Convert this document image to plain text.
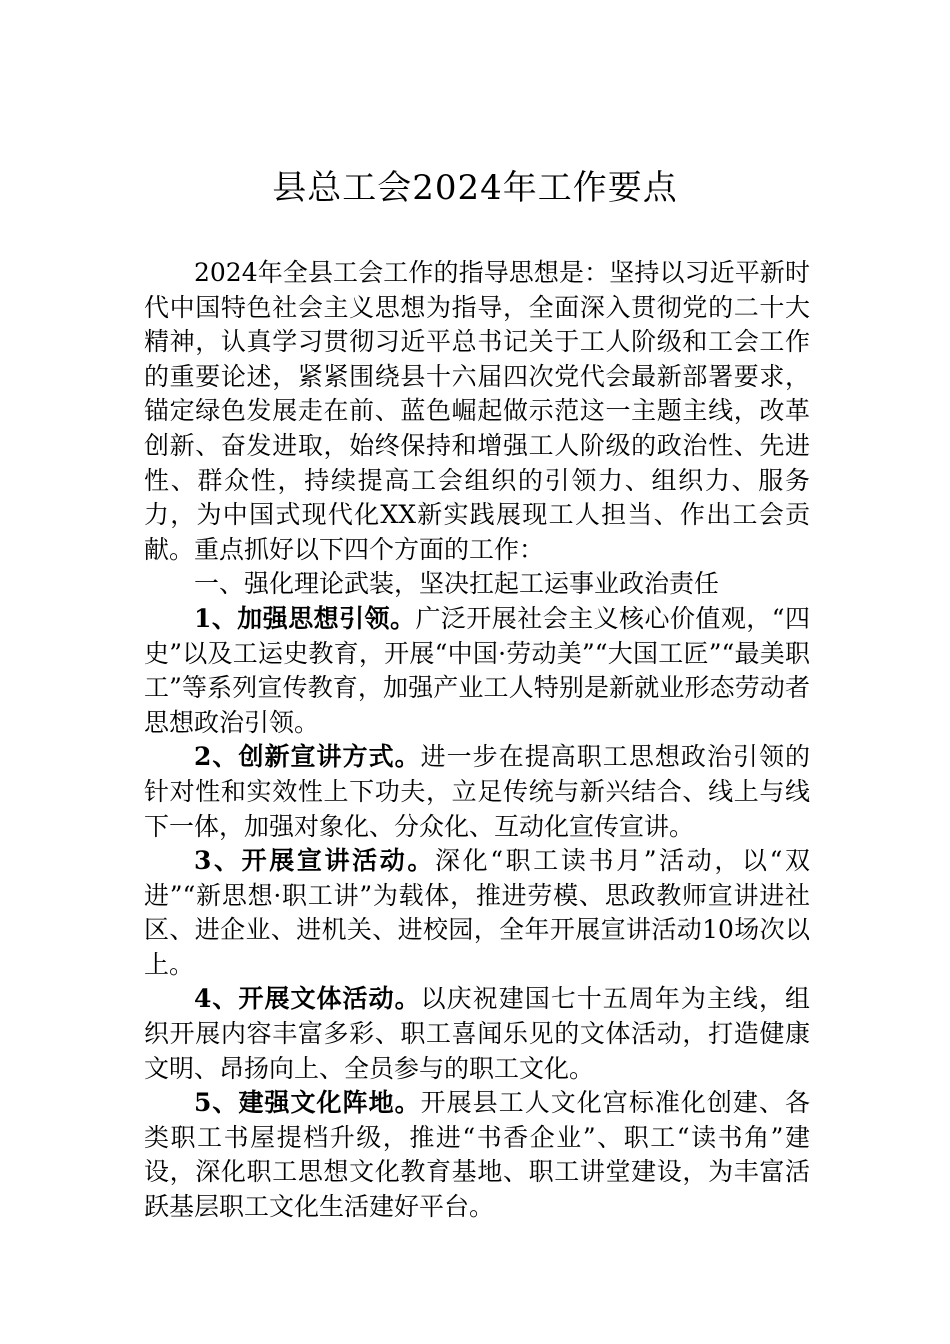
县总工会2024年工作要点

2024年全县工会工作的指导思想是：坚持以习近平新时代中国特色社会主义思想为指导，全面深入贯彻党的二十大精神，认真学习贯彻习近平总书记关于工人阶级和工会工作的重要论述，紧紧围绕县十六届四次党代会最新部署要求，锚定绿色发展走在前、蓝色崛起做示范这一主题主线，改革创新、奋发进取，始终保持和增强工人阶级的政治性、先进性、群众性，持续提高工会组织的引领力、组织力、服务力，为中国式现代化XX新实践展现工人担当、作出工会贡献。重点抓好以下四个方面的工作：

一、强化理论武装，坚决扛起工运事业政治责任

1、加强思想引领。广泛开展社会主义核心价值观，“四史”以及工运史教育，开展“中国·劳动美”“大国工匠”“最美职工”等系列宣传教育，加强产业工人特别是新就业形态劳动者思想政治引领。

2、创新宣讲方式。进一步在提高职工思想政治引领的针对性和实效性上下功夫，立足传统与新兴结合、线上与线下一体，加强对象化、分众化、互动化宣传宣讲。

3、开展宣讲活动。深化“职工读书月”活动，以“双进”“新思想·职工讲”为载体，推进劳模、思政教师宣讲进社区、进企业、进机关、进校园，全年开展宣讲活动10场次以上。

4、开展文体活动。以庆祝建国七十五周年为主线，组织开展内容丰富多彩、职工喜闻乐见的文体活动，打造健康文明、昂扬向上、全员参与的职工文化。

5、建强文化阵地。开展县工人文化宫标准化创建、各类职工书屋提档升级，推进“书香企业”、职工“读书角”建设，深化职工思想文化教育基地、职工讲堂建设，为丰富活跃基层职工文化生活建好平台。
